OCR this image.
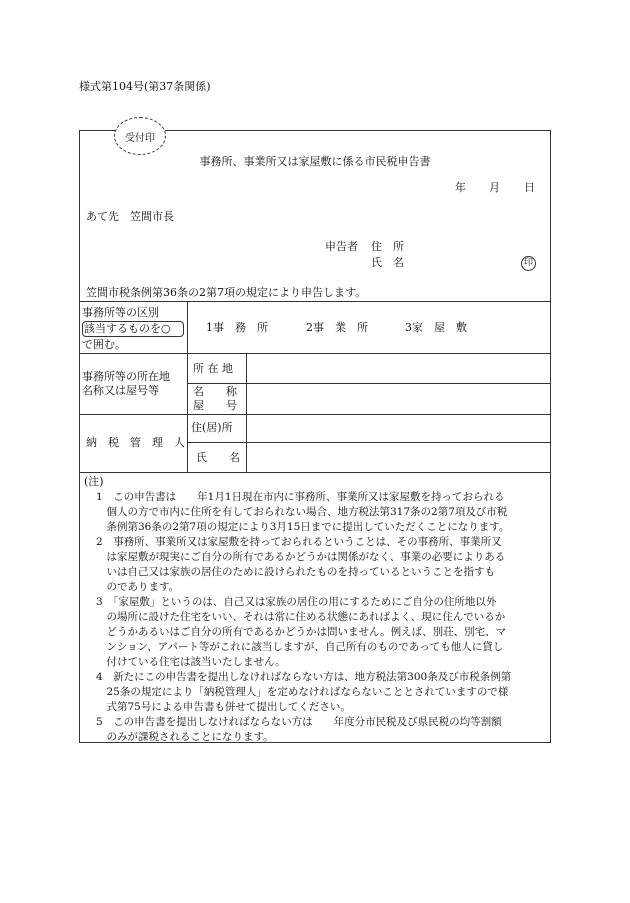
様式第104号(第37条関係)
受付印
事務所、事業所又は家屋敷に係る市民税申告書
年 月 日
あて先　笠間市長
申告者 住　所
氏　名	印
笠間市税条例第36条の2第7項の規定により申告します。
事務所等の区別
該当するものを○
で囲む。
1事　務　所	2事　業　所	3家　屋　敷
事務所等の所在地
名称又は屋号等
所 在 地
名　　称
屋　　号
納　税　管　理　人
住(居)所
氏　　名
(注)
1　この申告書は　　年1月1日現在市内に事務所、事業所又は家屋敷を持っておられる
　個人の方で市内に住所を有しておられない場合、地方税法第317条の2第7項及び市税
　条例第36条の2第7項の規定により3月15日までに提出していただくことになります。
2　事務所、事業所又は家屋敷を持っておられるということは、その事務所、事業所又
　は家屋敷が現実にご自分の所有であるかどうかは関係がなく、事業の必要によりある
　いは自己又は家族の居住のために設けられたものを持っているということを指すも
　のであります。
3　「家屋敷」というのは、自己又は家族の居住の用にするためにご自分の住所地以外
　の場所に設けた住宅をいい、それは常に住める状態にあればよく、現に住んでいるか
　どうかあるいはご自分の所有であるかどうかは問いません。例えば、別荘、別宅、マ
　ンション、アパート等がこれに該当しますが、自己所有のものであっても他人に貸し
　付けている住宅は該当いたしません。
4　新たにこの申告書を提出しなければならない方は、地方税法第300条及び市税条例第
　25条の規定により「納税管理人」を定めなければならないこととされていますので様
　式第75号による申告書も併せて提出してください。
5　この申告書を提出しなければならない方は　　年度分市民税及び県民税の均等割額
　のみが課税されることになります。
